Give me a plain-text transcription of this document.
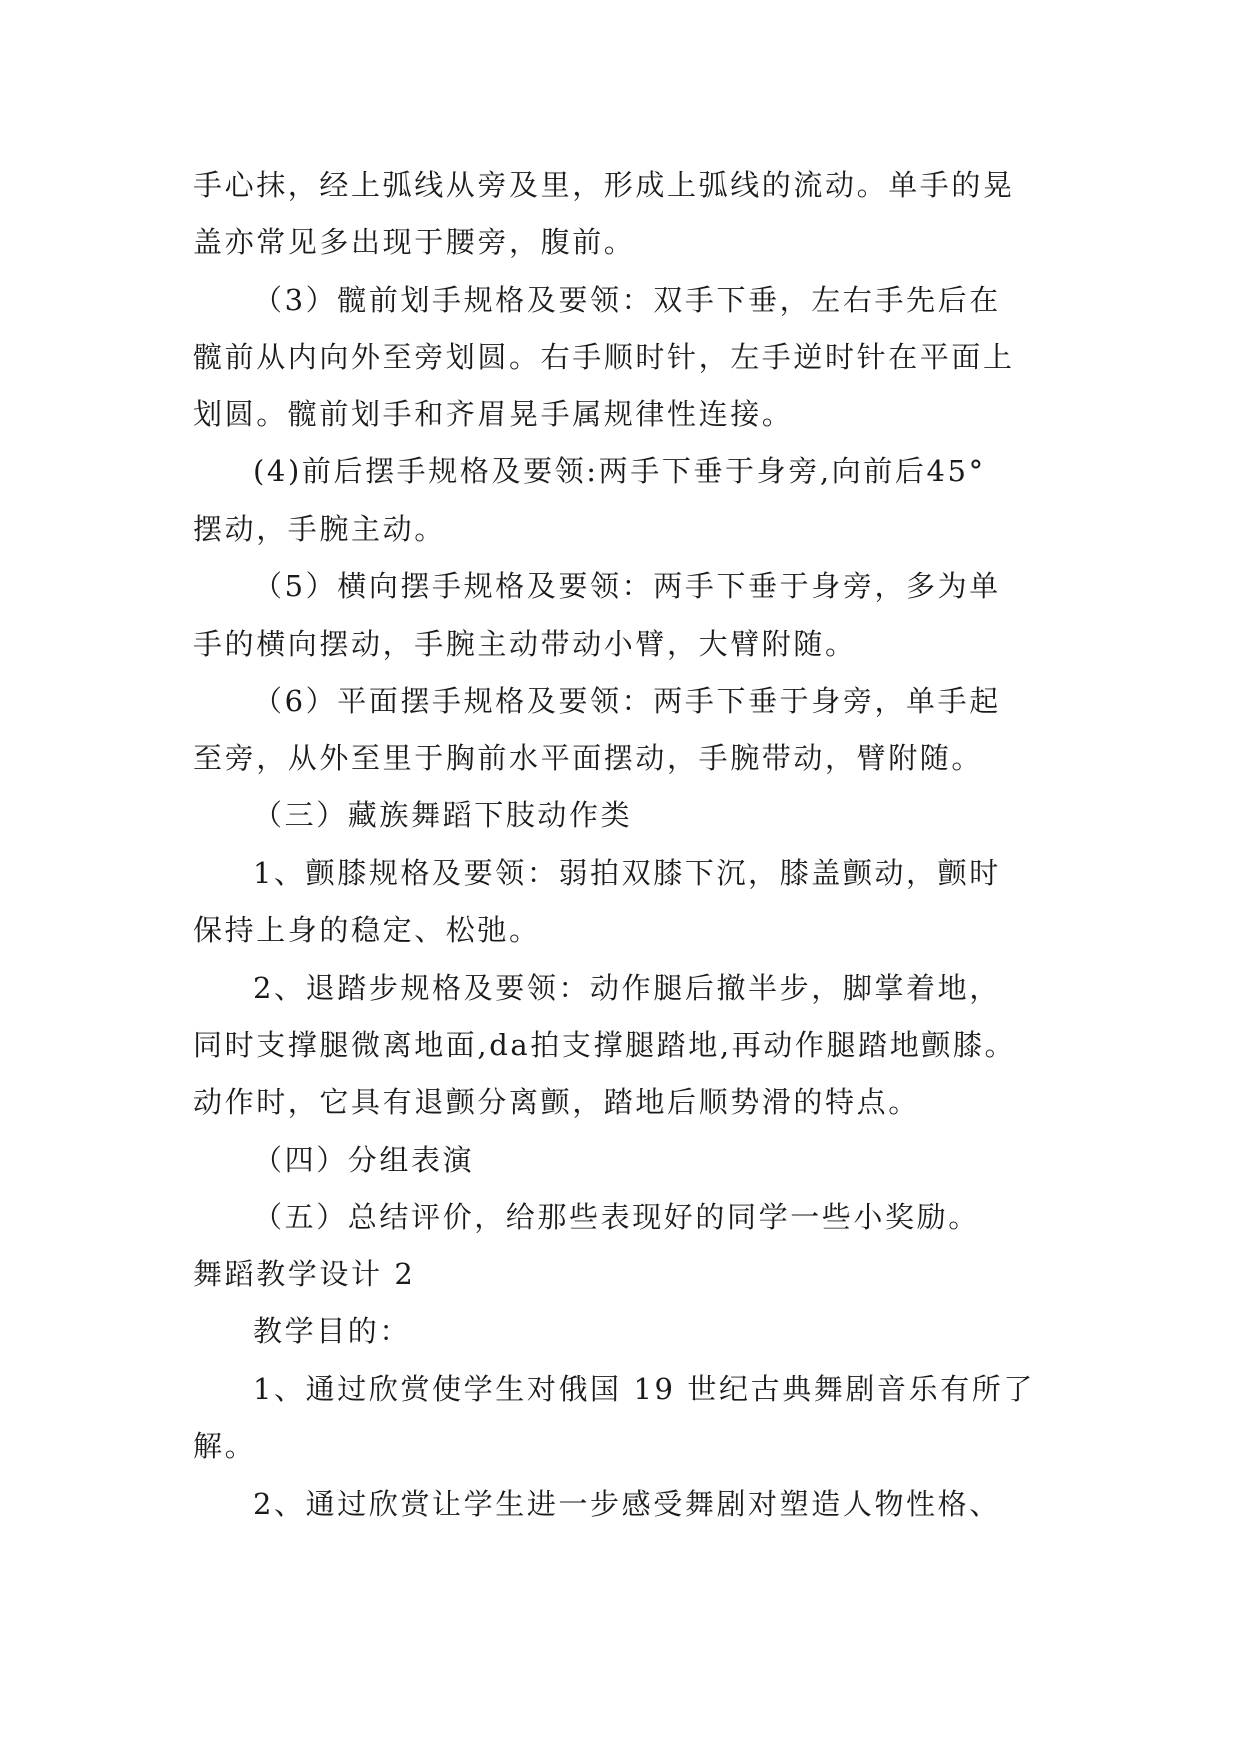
手心抹，经上弧线从旁及里，形成上弧线的流动。单手的晃
盖亦常见多出现于腰旁，腹前。
（3）髋前划手规格及要领：双手下垂，左右手先后在
髋前从内向外至旁划圆。右手顺时针，左手逆时针在平面上
划圆。髋前划手和齐眉晃手属规律性连接。
(4)前后摆手规格及要领:两手下垂于身旁,向前后45°
摆动，手腕主动。
（5）横向摆手规格及要领：两手下垂于身旁，多为单
手的横向摆动，手腕主动带动小臂，大臂附随。
（6）平面摆手规格及要领：两手下垂于身旁，单手起
至旁，从外至里于胸前水平面摆动，手腕带动，臂附随。
（三）藏族舞蹈下肢动作类
1、颤膝规格及要领：弱拍双膝下沉，膝盖颤动，颤时
保持上身的稳定、松弛。
2、退踏步规格及要领：动作腿后撤半步，脚掌着地，
同时支撑腿微离地面,da拍支撑腿踏地,再动作腿踏地颤膝。
动作时，它具有退颤分离颤，踏地后顺势滑的特点。
（四）分组表演
（五）总结评价，给那些表现好的同学一些小奖励。
舞蹈教学设计 2
教学目的：
1、通过欣赏使学生对俄国 19 世纪古典舞剧音乐有所了
解。
2、通过欣赏让学生进一步感受舞剧对塑造人物性格、
